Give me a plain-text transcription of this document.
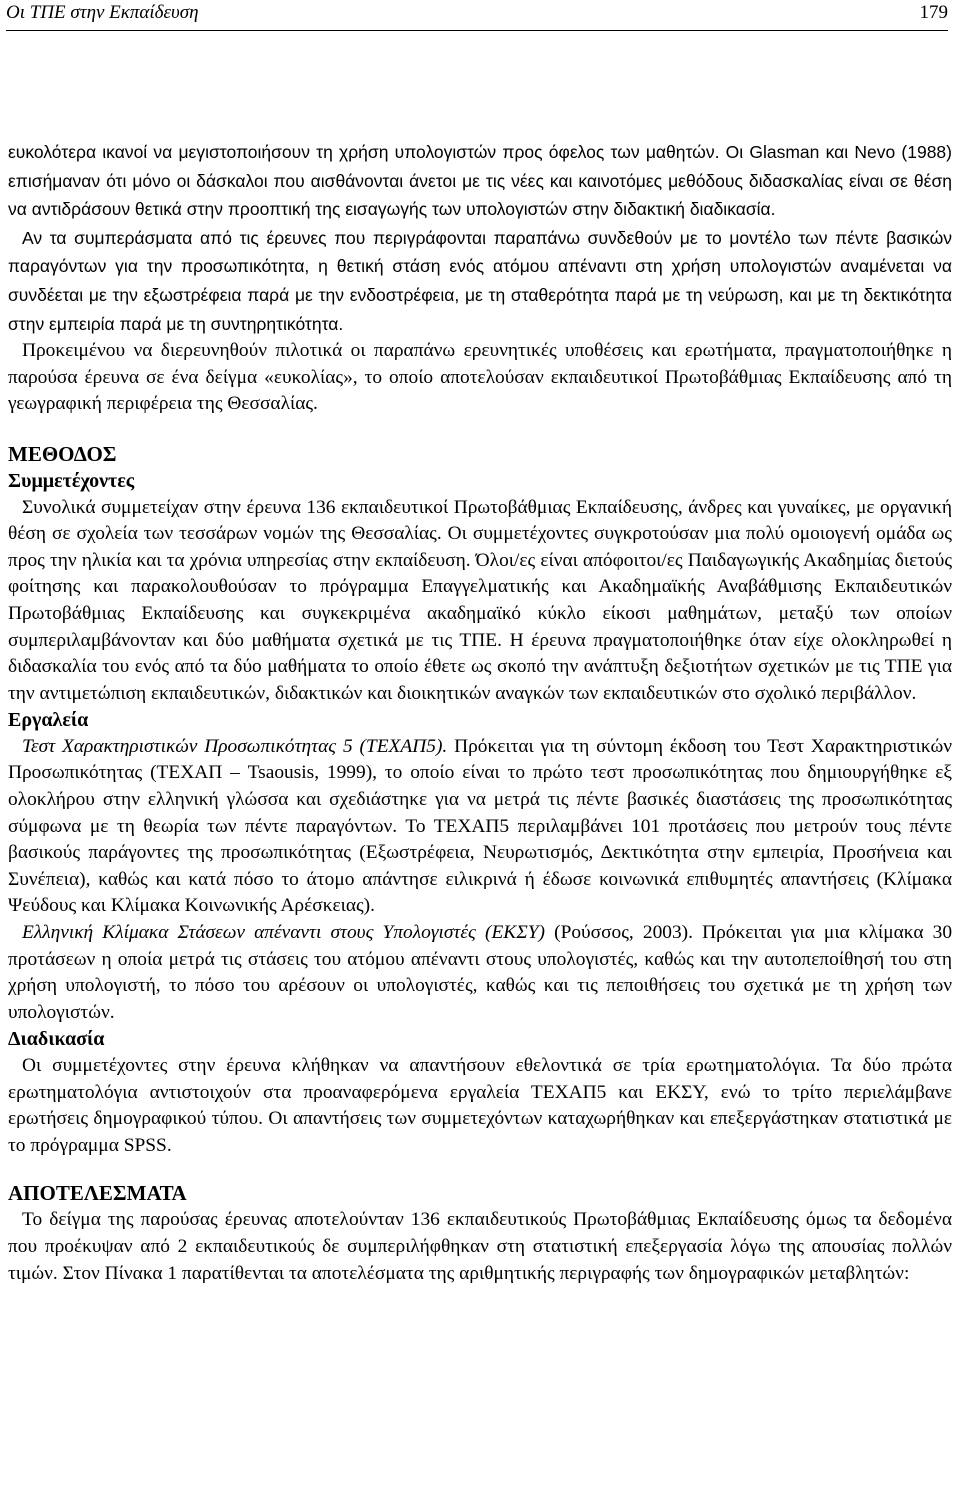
Οι ΤΠΕ στην Εκπαίδευση	179

ευκολότερα ικανοί να μεγιστοποιήσουν τη χρήση υπολογιστών προς όφελος των μαθητών. Οι Glasman και Nevo (1988) επισήμαναν ότι μόνο οι δάσκαλοι που αισθάνονται άνετοι με τις νέες και καινοτόμες μεθόδους διδασκαλίας είναι σε θέση να αντιδράσουν θετικά στην προοπτική της εισαγωγής των υπολογιστών στην διδακτική διαδικασία.

Αν τα συμπεράσματα από τις έρευνες που περιγράφονται παραπάνω συνδεθούν με το μοντέλο των πέντε βασικών παραγόντων για την προσωπικότητα, η θετική στάση ενός ατόμου απέναντι στη χρήση υπολογιστών αναμένεται να συνδέεται με την εξωστρέφεια παρά με την ενδοστρέφεια, με τη σταθερότητα παρά με τη νεύρωση, και με τη δεκτικότητα στην εμπειρία παρά με τη συντηρητικότητα.

Προκειμένου να διερευνηθούν πιλοτικά οι παραπάνω ερευνητικές υποθέσεις και ερωτήματα, πραγματοποιήθηκε η παρούσα έρευνα σε ένα δείγμα «ευκολίας», το οποίο αποτελούσαν εκπαιδευτικοί Πρωτοβάθμιας Εκπαίδευσης από τη γεωγραφική περιφέρεια της Θεσσαλίας.

ΜΕΘΟΔΟΣ
Συμμετέχοντες

Συνολικά συμμετείχαν στην έρευνα 136 εκπαιδευτικοί Πρωτοβάθμιας Εκπαίδευσης, άνδρες και γυναίκες, με οργανική θέση σε σχολεία των τεσσάρων νομών της Θεσσαλίας. Οι συμμετέχοντες συγκροτούσαν μια πολύ ομοιογενή ομάδα ως προς την ηλικία και τα χρόνια υπηρεσίας στην εκπαίδευση. Όλοι/ες είναι απόφοιτοι/ες Παιδαγωγικής Ακαδημίας διετούς φοίτησης και παρακολουθούσαν το πρόγραμμα Επαγγελματικής και Ακαδημαϊκής Αναβάθμισης Εκπαιδευτικών Πρωτοβάθμιας Εκπαίδευσης και συγκεκριμένα ακαδημαϊκό κύκλο είκοσι μαθημάτων, μεταξύ των οποίων συμπεριλαμβάνονταν και δύο μαθήματα σχετικά με τις ΤΠΕ. Η έρευνα πραγματοποιήθηκε όταν είχε ολοκληρωθεί η διδασκαλία του ενός από τα δύο μαθήματα το οποίο έθετε ως σκοπό την ανάπτυξη δεξιοτήτων σχετικών με τις ΤΠΕ για την αντιμετώπιση εκπαιδευτικών, διδακτικών και διοικητικών αναγκών των εκπαιδευτικών στο σχολικό περιβάλλον.

Εργαλεία

Τεστ Χαρακτηριστικών Προσωπικότητας 5 (ΤΕΧΑΠ5). Πρόκειται για τη σύντομη έκδοση του Τεστ Χαρακτηριστικών Προσωπικότητας (ΤΕΧΑΠ – Tsaousis, 1999), το οποίο είναι το πρώτο τεστ προσωπικότητας που δημιουργήθηκε εξ ολοκλήρου στην ελληνική γλώσσα και σχεδιάστηκε για να μετρά τις πέντε βασικές διαστάσεις της προσωπικότητας σύμφωνα με τη θεωρία των πέντε παραγόντων. Το ΤΕΧΑΠ5 περιλαμβάνει 101 προτάσεις που μετρούν τους πέντε βασικούς παράγοντες της προσωπικότητας (Εξωστρέφεια, Νευρωτισμός, Δεκτικότητα στην εμπειρία, Προσήνεια και Συνέπεια), καθώς και κατά πόσο το άτομο απάντησε ειλικρινά ή έδωσε κοινωνικά επιθυμητές απαντήσεις (Κλίμακα Ψεύδους και Κλίμακα Κοινωνικής Αρέσκειας).

Ελληνική Κλίμακα Στάσεων απέναντι στους Υπολογιστές (ΕΚΣΥ) (Ρούσσος, 2003). Πρόκειται για μια κλίμακα 30 προτάσεων η οποία μετρά τις στάσεις του ατόμου απέναντι στους υπολογιστές, καθώς και την αυτοπεποίθησή του στη χρήση υπολογιστή, το πόσο του αρέσουν οι υπολογιστές, καθώς και τις πεποιθήσεις του σχετικά με τη χρήση των υπολογιστών.

Διαδικασία

Οι συμμετέχοντες στην έρευνα κλήθηκαν να απαντήσουν εθελοντικά σε τρία ερωτηματολόγια. Τα δύο πρώτα ερωτηματολόγια αντιστοιχούν στα προαναφερόμενα εργαλεία ΤΕΧΑΠ5 και ΕΚΣΥ, ενώ το τρίτο περιελάμβανε ερωτήσεις δημογραφικού τύπου. Οι απαντήσεις των συμμετεχόντων καταχωρήθηκαν και επεξεργάστηκαν στατιστικά με το πρόγραμμα SPSS.

ΑΠΟΤΕΛΕΣΜΑΤΑ

Το δείγμα της παρούσας έρευνας αποτελούνταν 136 εκπαιδευτικούς Πρωτοβάθμιας Εκπαίδευσης όμως τα δεδομένα που προέκυψαν από 2 εκπαιδευτικούς δε συμπεριλήφθηκαν στη στατιστική επεξεργασία λόγω της απουσίας πολλών τιμών. Στον Πίνακα 1 παρατίθενται τα αποτελέσματα της αριθμητικής περιγραφής των δημογραφικών μεταβλητών:
